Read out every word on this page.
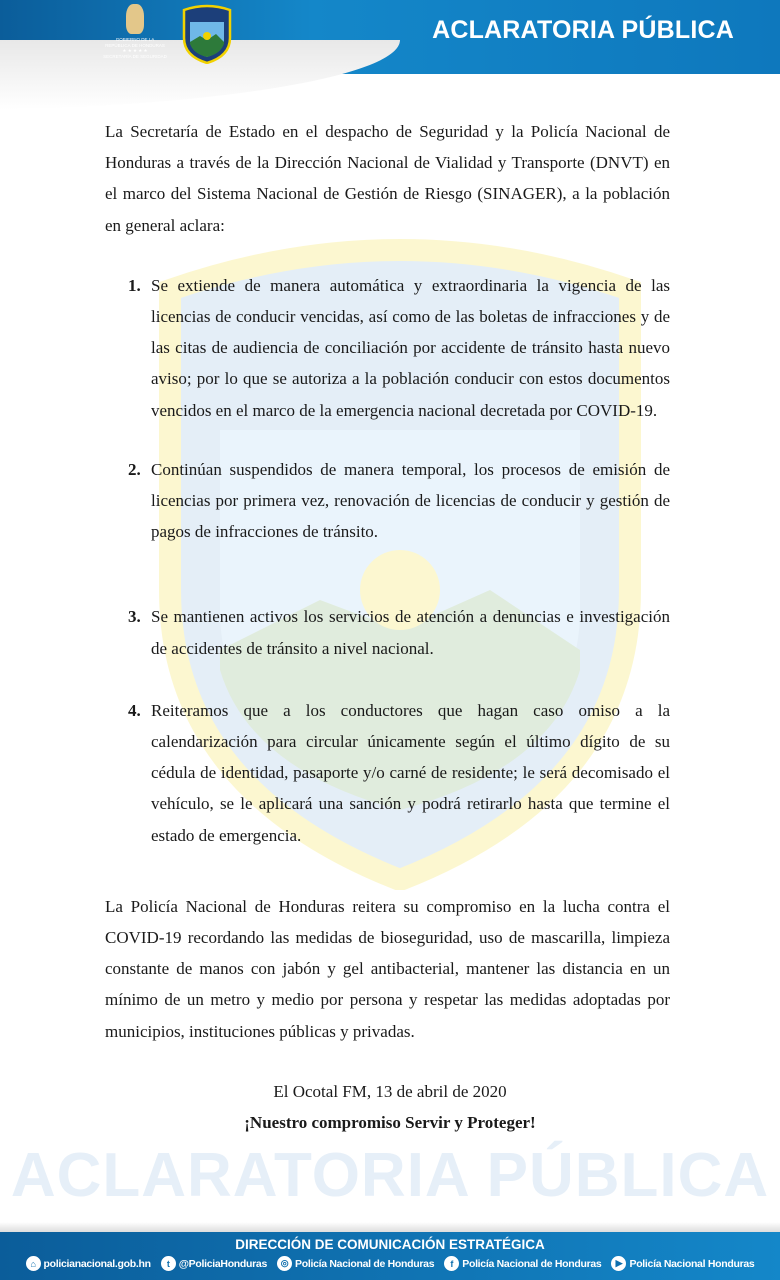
GOBIERNO DE LA
REPÚBLICA DE HONDURAS
★ ★ ★ ★ ★
SECRETARÍA DE SEGURIDAD
ACLARATORIA PÚBLICA

La Secretaría de Estado en el despacho de Seguridad y la Policía Nacional de Honduras a través de la Dirección Nacional de Vialidad y Transporte (DNVT) en el marco del Sistema Nacional de Gestión de Riesgo (SINAGER), a la población en general aclara:

1. Se extiende de manera automática y extraordinaria la vigencia de las licencias de conducir vencidas, así como de las boletas de infracciones y de las citas de audiencia de conciliación por accidente de tránsito hasta nuevo aviso; por lo que se autoriza a la población conducir con estos documentos vencidos en el marco de la emergencia nacional decretada por COVID-19.
2. Continúan suspendidos de manera temporal, los procesos de emisión de licencias por primera vez, renovación de licencias de conducir y gestión de pagos de infracciones de tránsito.
3. Se mantienen activos los servicios de atención a denuncias e investigación de accidentes de tránsito a nivel nacional.
4. Reiteramos que a los conductores que hagan caso omiso a la calendarización para circular únicamente según el último dígito de su cédula de identidad, pasaporte y/o carné de residente; le será decomisado el vehículo, se le aplicará una sanción y podrá retirarlo hasta que termine el estado de emergencia.

La Policía Nacional de Honduras reitera su compromiso en la lucha contra el COVID-19 recordando las medidas de bioseguridad, uso de mascarilla, limpieza constante de manos con jabón y gel antibacterial, mantener las distancia en un mínimo de un metro y medio por persona y respetar las medidas adoptadas por municipios, instituciones públicas y privadas.

El Ocotal FM, 13 de abril de 2020
¡Nuestro compromiso Servir y Proteger!
ACLARATORIA PÚBLICA
DIRECCIÓN DE COMUNICACIÓN ESTRATÉGICA
⌂ policianacional.gob.hn	t @PoliciaHonduras	◎ Policía Nacional de Honduras	f Policía Nacional de Honduras	▶ Policía Nacional Honduras
